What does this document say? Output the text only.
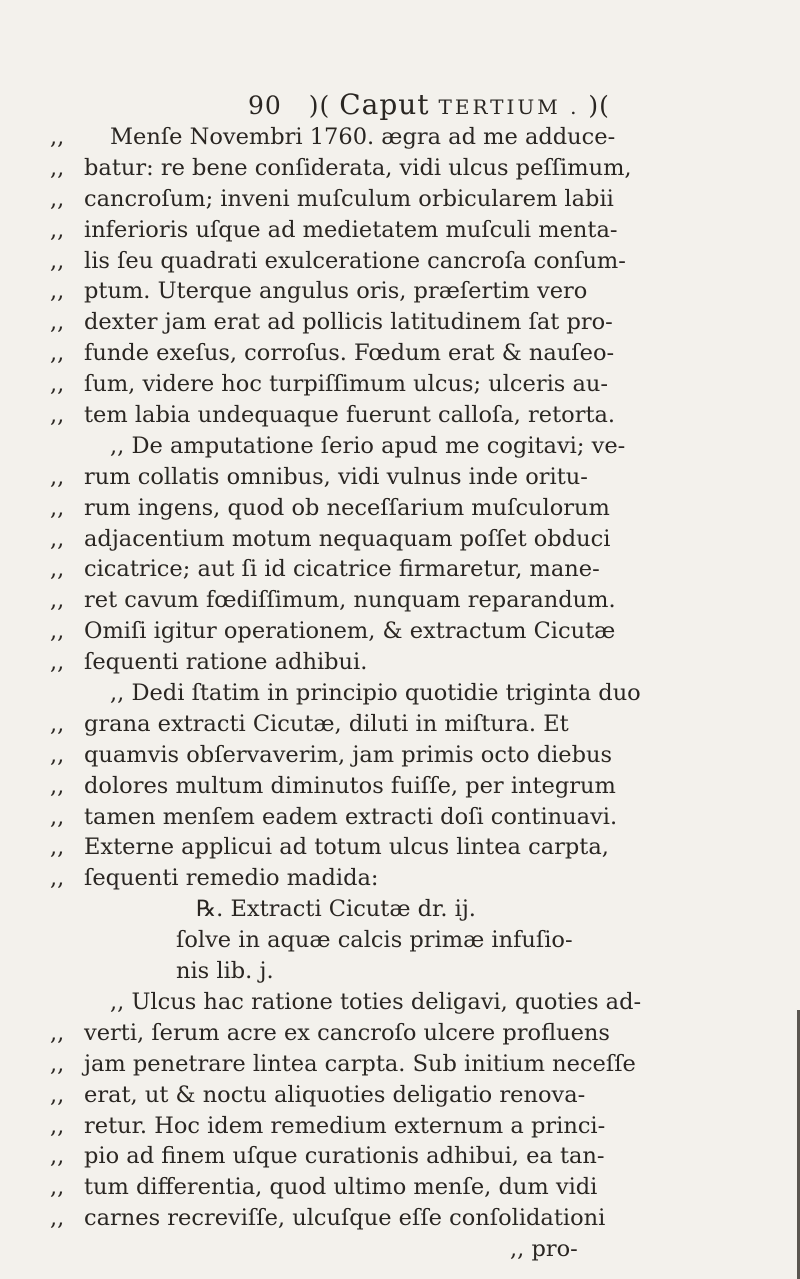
90 )( Caput TERTIUM . )(
,,	Menſe Novembri 1760. ægra ad me adduce-
,, batur: re bene conſiderata, vidi ulcus peſſimum,
,, cancroſum; inveni muſculum orbicularem labii
,, inferioris uſque ad medietatem muſculi menta-
,, lis ſeu quadrati exulceratione cancroſa conſum-
,, ptum. Uterque angulus oris, præſertim vero
,, dexter jam erat ad pollicis latitudinem ſat pro-
,, funde exeſus, corroſus. Fœdum erat & nauſeo-
,, ſum, videre hoc turpiſſimum ulcus; ulceris au-
,, tem labia undequaque fuerunt calloſa, retorta.
,, De amputatione ſerio apud me cogitavi; ve-
,, rum collatis omnibus, vidi vulnus inde oritu-
,, rum ingens, quod ob neceſſarium muſculorum
,, adjacentium motum nequaquam poſſet obduci
,, cicatrice; aut ſi id cicatrice firmaretur, mane-
,, ret cavum fœdiſſimum, nunquam reparandum.
,, Omiſi igitur operationem, & extractum Cicutæ
,, ſequenti ratione adhibui.
,, Dedi ſtatim in principio quotidie triginta duo
,, grana extracti Cicutæ, diluti in miſtura. Et
,, quamvis obſervaverim, jam primis octo diebus
,, dolores multum diminutos fuiſſe, per integrum
,, tamen menſem eadem extracti doſi continuavi.
,, Externe applicui ad totum ulcus lintea carpta,
,, ſequenti remedio madida:
℞. Extracti Cicutæ dr. ij.
ſolve in aquæ calcis primæ infuſio-
nis lib. j.
,, Ulcus hac ratione toties deligavi, quoties ad-
,, verti, ſerum acre ex cancroſo ulcere profluens
,, jam penetrare lintea carpta. Sub initium neceſſe
,, erat, ut & noctu aliquoties deligatio renova-
,, retur. Hoc idem remedium externum a princi-
,, pio ad finem uſque curationis adhibui, ea tan-
,, tum differentia, quod ultimo menſe, dum vidi
,, carnes recreviſſe, ulcuſque eſſe conſolidationi
,, pro-
